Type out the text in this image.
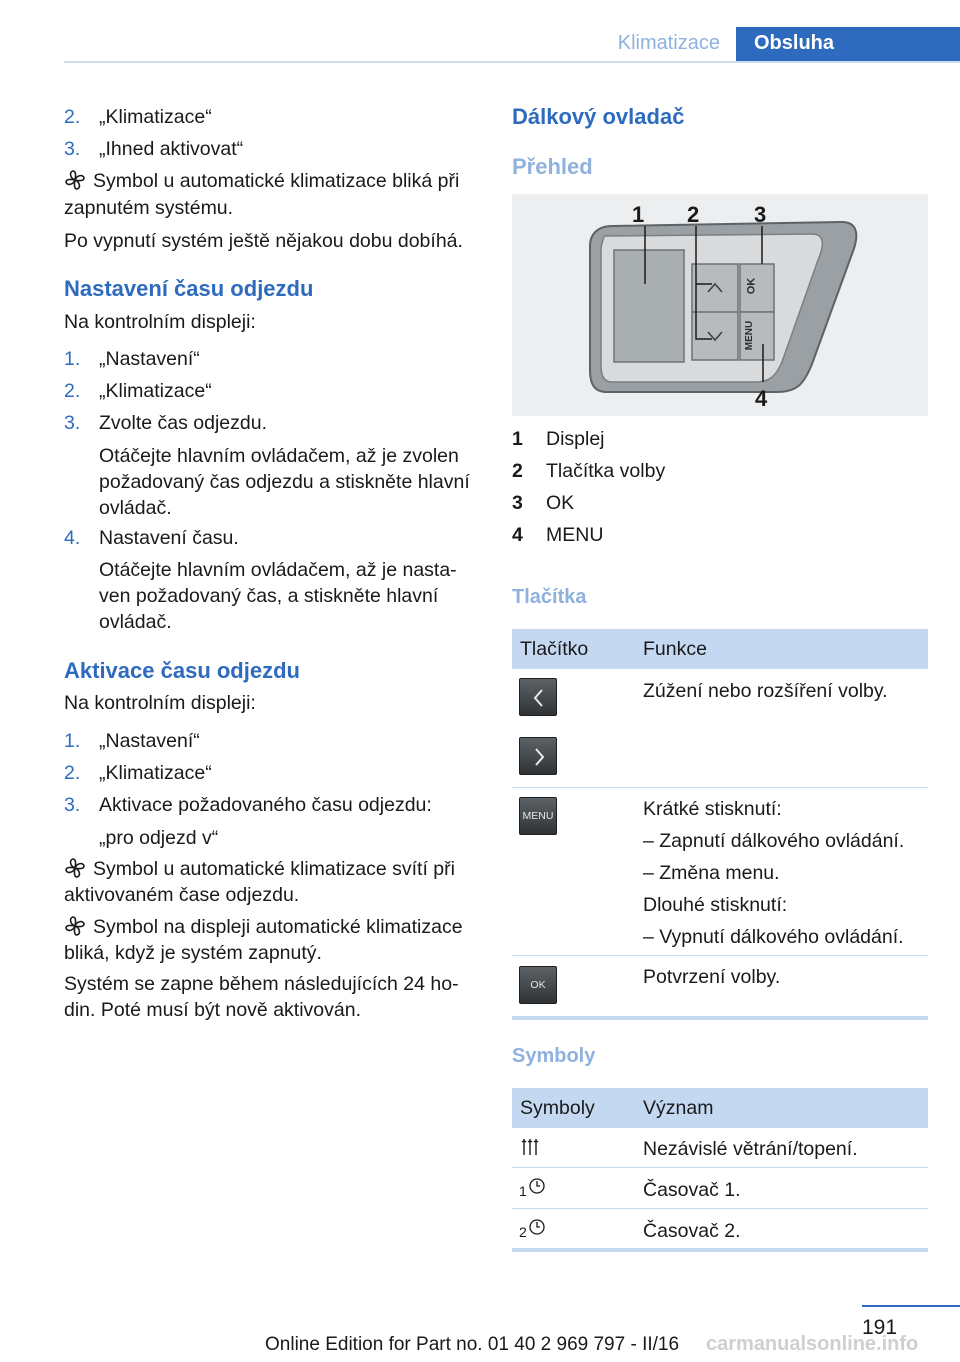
Klimatizace	Obsluha
2. „Klimatizace“
3. „Ihned aktivovat“
Symbol u automatické klimatizace bliká při
zapnutém systému.
Po vypnutí systém ještě nějakou dobu dobíhá.
Nastavení času odjezdu
Na kontrolním displeji:
1. „Nastavení“
2. „Klimatizace“
3. Zvolte čas odjezdu.
Otáčejte hlavním ovládačem, až je zvolen
požadovaný čas odjezdu a stiskněte hlavní
ovládač.
4. Nastavení času.
Otáčejte hlavním ovládačem, až je nasta‐
ven požadovaný čas, a stiskněte hlavní
ovládač.
Aktivace času odjezdu
Na kontrolním displeji:
1. „Nastavení“
2. „Klimatizace“
3. Aktivace požadovaného času odjezdu:
„pro odjezd v“
Symbol u automatické klimatizace svítí při
aktivovaném čase odjezdu.
Symbol na displeji automatické klimatizace
bliká, když je systém zapnutý.
Systém se zapne během následujících 24 ho‐
din. Poté musí být nově aktivován.
Dálkový ovladač
Přehled
1 2 3
4
OK
MENU
1 Displej
2 Tlačítka volby
3 OK
4 MENU
Tlačítka
Tlačítko	Funkce
Zúžení nebo rozšíření volby.
MENU	Krátké stisknutí:
– Zapnutí dálkového ovládání.
– Změna menu.
Dlouhé stisknutí:
– Vypnutí dálkového ovládání.
OK	Potvrzení volby.
Symboly
Symboly Význam
Nezávislé větrání/topení.
1	Časovač 1.
2	Časovač 2.
191
Online Edition for Part no. 01 40 2 969 797 - II/16 carmanualsonline.info
